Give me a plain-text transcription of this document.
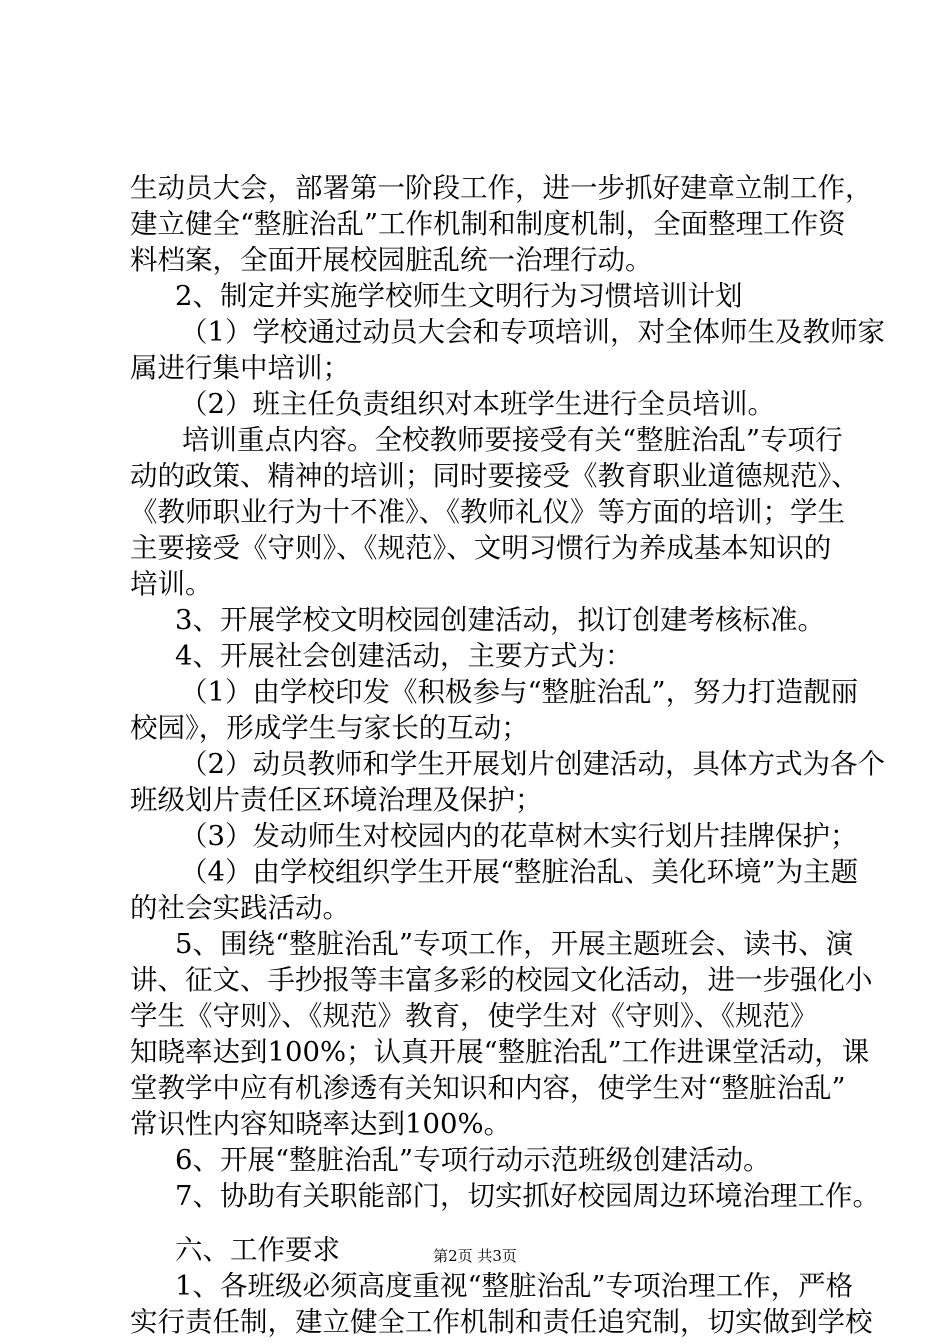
生动员大会，部署第一阶段工作，进一步抓好建章立制工作，
建立健全“整脏治乱”工作机制和制度机制，全面整理工作资
料档案，全面开展校园脏乱统一治理行动。
2、制定并实施学校师生文明行为习惯培训计划
（1）学校通过动员大会和专项培训，对全体师生及教师家
属进行集中培训；
（2）班主任负责组织对本班学生进行全员培训。
培训重点内容。全校教师要接受有关“整脏治乱”专项行
动的政策、精神的培训；同时要接受《教育职业道德规范》、
《教师职业行为十不准》、《教师礼仪》等方面的培训；学生
主要接受《守则》、《规范》、文明习惯行为养成基本知识的
培训。
3、开展学校文明校园创建活动，拟订创建考核标准。
4、开展社会创建活动，主要方式为：
（1）由学校印发《积极参与“整脏治乱”，努力打造靓丽
校园》，形成学生与家长的互动；
（2）动员教师和学生开展划片创建活动，具体方式为各个
班级划片责任区环境治理及保护；
（3）发动师生对校园内的花草树木实行划片挂牌保护；
（4）由学校组织学生开展“整脏治乱、美化环境”为主题
的社会实践活动。
5、围绕“整脏治乱”专项工作，开展主题班会、读书、演
讲、征文、手抄报等丰富多彩的校园文化活动，进一步强化小
学生《守则》、《规范》教育，使学生对《守则》、《规范》
知晓率达到100%；认真开展“整脏治乱”工作进课堂活动，课
堂教学中应有机渗透有关知识和内容，使学生对“整脏治乱”
常识性内容知晓率达到100%。
6、开展“整脏治乱”专项行动示范班级创建活动。
7、协助有关职能部门，切实抓好校园周边环境治理工作。
六、工作要求
1、各班级必须高度重视“整脏治乱”专项治理工作，严格
实行责任制，建立健全工作机制和责任追究制，切实做到学校
第2页 共3页
